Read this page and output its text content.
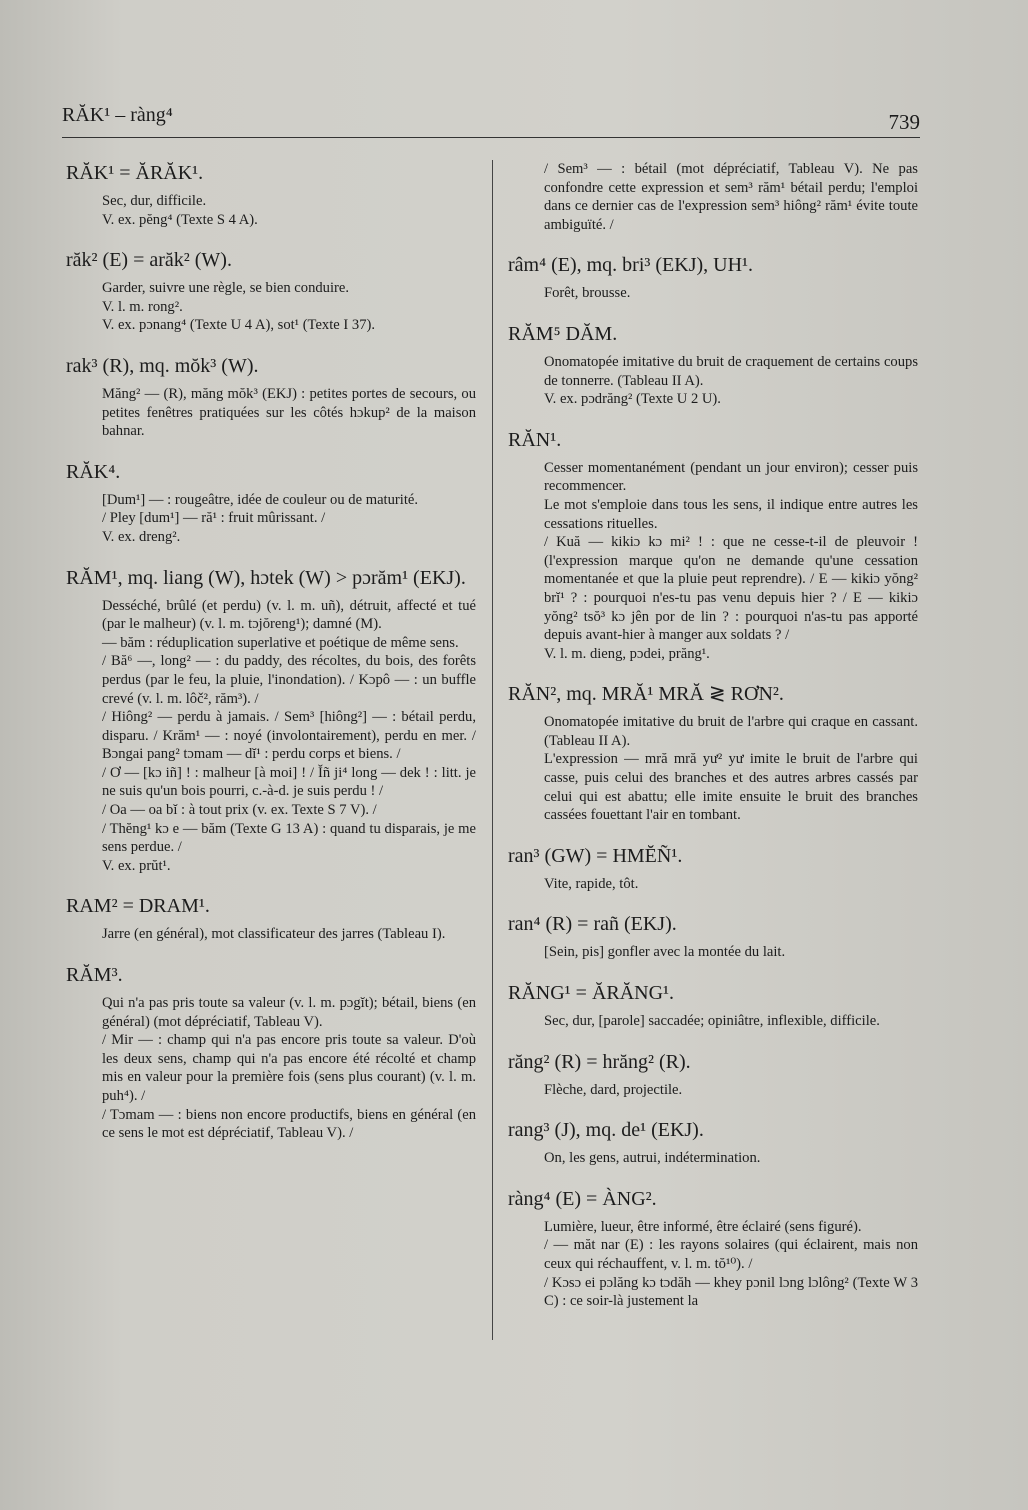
RĂK¹ – ràng⁴	739
RĂK¹ = ĂRĂK¹.
Sec, dur, difficile.
V. ex. pĕng⁴ (Texte S 4 A).
răk² (E) = arăk² (W).
Garder, suivre une règle, se bien conduire.
V. l. m. rong².
V. ex. pɔnang⁴ (Texte U 4 A), sot¹ (Texte I 37).
rak³ (R), mq. mŏk³ (W).
Măng² — (R), măng mŏk³ (EKJ) : petites portes de secours, ou petites fenêtres pratiquées sur les côtés hɔkup² de la maison bahnar.
RĂK⁴.
[Dum¹] — : rougeâtre, idée de couleur ou de maturité.
/ Pley [dum¹] — ră¹ : fruit mûrissant. /
V. ex. dreng².
RĂM¹, mq. liang (W), hɔtek (W) > pɔrăm¹ (EKJ).
Desséché, brûlé (et perdu) (v. l. m. uñ), détruit, affecté et tué (par le malheur) (v. l. m. tɔjŏreng¹); damné (M).
— băm : réduplication superlative et poétique de même sens.
/ Bă⁶ —, long² — : du paddy, des récoltes, du bois, des forêts perdus (par le feu, la pluie, l'inondation). / Kɔpô — : un buffle crevé (v. l. m. lôč², răm³). /
/ Hiông² — perdu à jamais. / Sem³ [hiông²] — : bétail perdu, disparu. / Krăm¹ — : noyé (involontairement), perdu en mer. / Bɔngai pang² tɔmam — dĭ¹ : perdu corps et biens. /
/ Ơ — [kɔ iñ] ! : malheur [à moi] ! / Ĭñ ji⁴ long — dek ! : litt. je ne suis qu'un bois pourri, c.-à-d. je suis perdu ! /
/ Oa — oa bĭ : à tout prix (v. ex. Texte S 7 V). /
/ Thĕng¹ kɔ e — băm (Texte G 13 A) : quand tu disparais, je me sens perdue. /
V. ex. prŭt¹.
RAM² = DRAM¹.
Jarre (en général), mot classificateur des jarres (Tableau I).
RĂM³.
Qui n'a pas pris toute sa valeur (v. l. m. pɔgĭt); bétail, biens (en général) (mot dépréciatif, Tableau V).
/ Mir — : champ qui n'a pas encore pris toute sa valeur. D'où les deux sens, champ qui n'a pas encore été récolté et champ mis en valeur pour la première fois (sens plus courant) (v. l. m. puh⁴). /
/ Tɔmam — : biens non encore productifs, biens en général (en ce sens le mot est dépréciatif, Tableau V). /
/ Sem³ — : bétail (mot dépréciatif, Tableau V). Ne pas confondre cette expression et sem³ răm¹ bétail perdu; l'emploi dans ce dernier cas de l'expression sem³ hiông² răm¹ évite toute ambiguïté. /
râm⁴ (E), mq. bri³ (EKJ), UH¹.
Forêt, brousse.
RĂM⁵ DĂM.
Onomatopée imitative du bruit de craquement de certains coups de tonnerre. (Tableau II A).
V. ex. pɔdrăng² (Texte U 2 U).
RĂN¹.
Cesser momentanément (pendant un jour environ); cesser puis recommencer.
Le mot s'emploie dans tous les sens, il indique entre autres les cessations rituelles.
/ Kuă — kikiɔ kɔ mi² ! : que ne cesse-t-il de pleuvoir ! (l'expression marque qu'on ne demande qu'une cessation momentanée et que la pluie peut reprendre). / E — kikiɔ yŏng² brĭ¹ ? : pourquoi n'es-tu pas venu depuis hier ? / E — kikiɔ yŏng² tsŏ³ kɔ jên por de lin ? : pourquoi n'as-tu pas apporté depuis avant-hier à manger aux soldats ? /
V. l. m. dieng, pɔdei, prăng¹.
RĂN², mq. MRĂ¹ MRĂ ≷ RƠN².
Onomatopée imitative du bruit de l'arbre qui craque en cassant. (Tableau II A).
L'expression — mră mră yư² yư imite le bruit de l'arbre qui casse, puis celui des branches et des autres arbres cassés par celui qui est abattu; elle imite ensuite le bruit des branches cassées fouettant l'air en tombant.
ran³ (GW) = HMĔÑ¹.
Vite, rapide, tôt.
ran⁴ (R) = rañ (EKJ).
[Sein, pis] gonfler avec la montée du lait.
RĂNG¹ = ĂRĂNG¹.
Sec, dur, [parole] saccadée; opiniâtre, inflexible, difficile.
răng² (R) = hrăng² (R).
Flèche, dard, projectile.
rang³ (J), mq. de¹ (EKJ).
On, les gens, autrui, indétermination.
ràng⁴ (E) = ÀNG².
Lumière, lueur, être informé, être éclairé (sens figuré).
/ — măt nar (E) : les rayons solaires (qui éclairent, mais non ceux qui réchauffent, v. l. m. tŏ¹⁰). /
/ Kɔsɔ ei pɔlăng kɔ tɔdăh — khey pɔnil lɔng lɔlông² (Texte W 3 C) : ce soir-là justement la
